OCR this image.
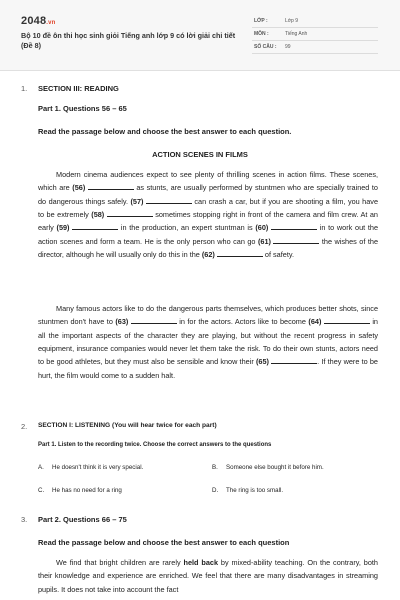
2048.vn
Bộ 10 đề ôn thi học sinh giỏi Tiếng anh lớp 9 có lời giải chi tiết (Đề 8)
LỚP :	Lớp 9
MÔN :	Tiếng Anh
SỐ CÂU : 99
1. SECTION III: READING
Part 1. Questions 56 – 65
Read the passage below and choose the best answer to each question.
ACTION SCENES IN FILMS

Modern cinema audiences expect to see plenty of thrilling scenes in action films. These scenes, which are (56)	as stunts, are usually performed by stuntmen who are specially trained to do dangerous things safely. (57)	can crash a car, but if you are shooting a film, you have to be extremely (58)	sometimes stopping right in front of the camera and film crew. At an early (59)	in the production, an expert stuntman is (60)	in to work out the action scenes and form a team. He is the only person who can go (61)	the wishes of the director, although he will usually only do this in the (62)	of safety.

Many famous actors like to do the dangerous parts themselves, which produces better shots, since stuntmen don't have to (63)	in for the actors. Actors like to become (64)	in all the important aspects of the character they are playing, but without the recent progress in safety equipment, insurance companies would never let them take the risk. To do their own stunts, actors need to be good athletes, but they must also be sensible and know their (65)	. If they were to be hurt, the film would come to a sudden halt.

2. SECTION I: LISTENING (You will hear twice for each part)
Part 1. Listen to the recording twice. Choose the correct answers to the questions
A. He doesn't think it is very special.	B. Someone else bought it before him.
C. He has no need for a ring	D. The ring is too small.
3. Part 2. Questions 66 – 75
Read the passage below and choose the best answer to each question

We find that bright children are rarely held back by mixed-ability teaching. On the contrary, both their knowledge and experience are enriched. We feel that there are many disadvantages in streaming pupils. It does not take into account the fact
